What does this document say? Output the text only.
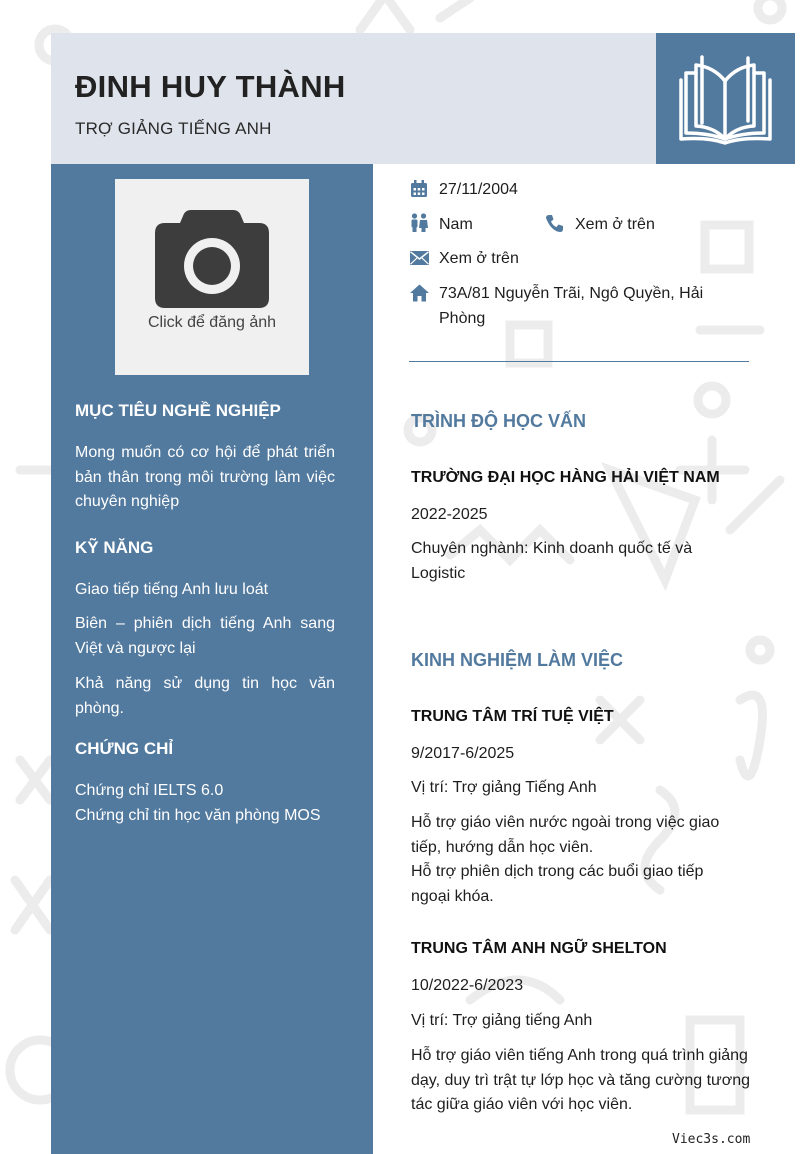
ĐINH HUY THÀNH
TRỢ GIẢNG TIẾNG ANH
Click để đăng ảnh
MỤC TIÊU NGHỀ NGHIỆP
Mong muốn có cơ hội để phát triển bản thân trong môi trường làm việc chuyên nghiệp
KỸ NĂNG
Giao tiếp tiếng Anh lưu loát
Biên – phiên dịch tiếng Anh sang Việt và ngược lại
Khả năng sử dụng tin học văn phòng.
CHỨNG CHỈ
Chứng chỉ IELTS 6.0
Chứng chỉ tin học văn phòng MOS
27/11/2004
Nam	Xem ở trên
Xem ở trên
73A/81 Nguyễn Trãi, Ngô Quyền, Hải Phòng
TRÌNH ĐỘ HỌC VẤN
TRƯỜNG ĐẠI HỌC HÀNG HẢI VIỆT NAM
2022-2025
Chuyên nghành: Kinh doanh quốc tế và Logistic
KINH NGHIỆM LÀM VIỆC
TRUNG TÂM TRÍ TUỆ VIỆT
9/2017-6/2025
Vị trí: Trợ giảng Tiếng Anh
Hỗ trợ giáo viên nước ngoài trong việc giao tiếp, hướng dẫn học viên.
Hỗ trợ phiên dịch trong các buổi giao tiếp ngoại khóa.
TRUNG TÂM ANH NGỮ SHELTON
10/2022-6/2023
Vị trí: Trợ giảng tiếng Anh
Hỗ trợ giáo viên tiếng Anh trong quá trình giảng dạy, duy trì trật tự lớp học và tăng cường tương tác giữa giáo viên với học viên.
Viec3s.com
